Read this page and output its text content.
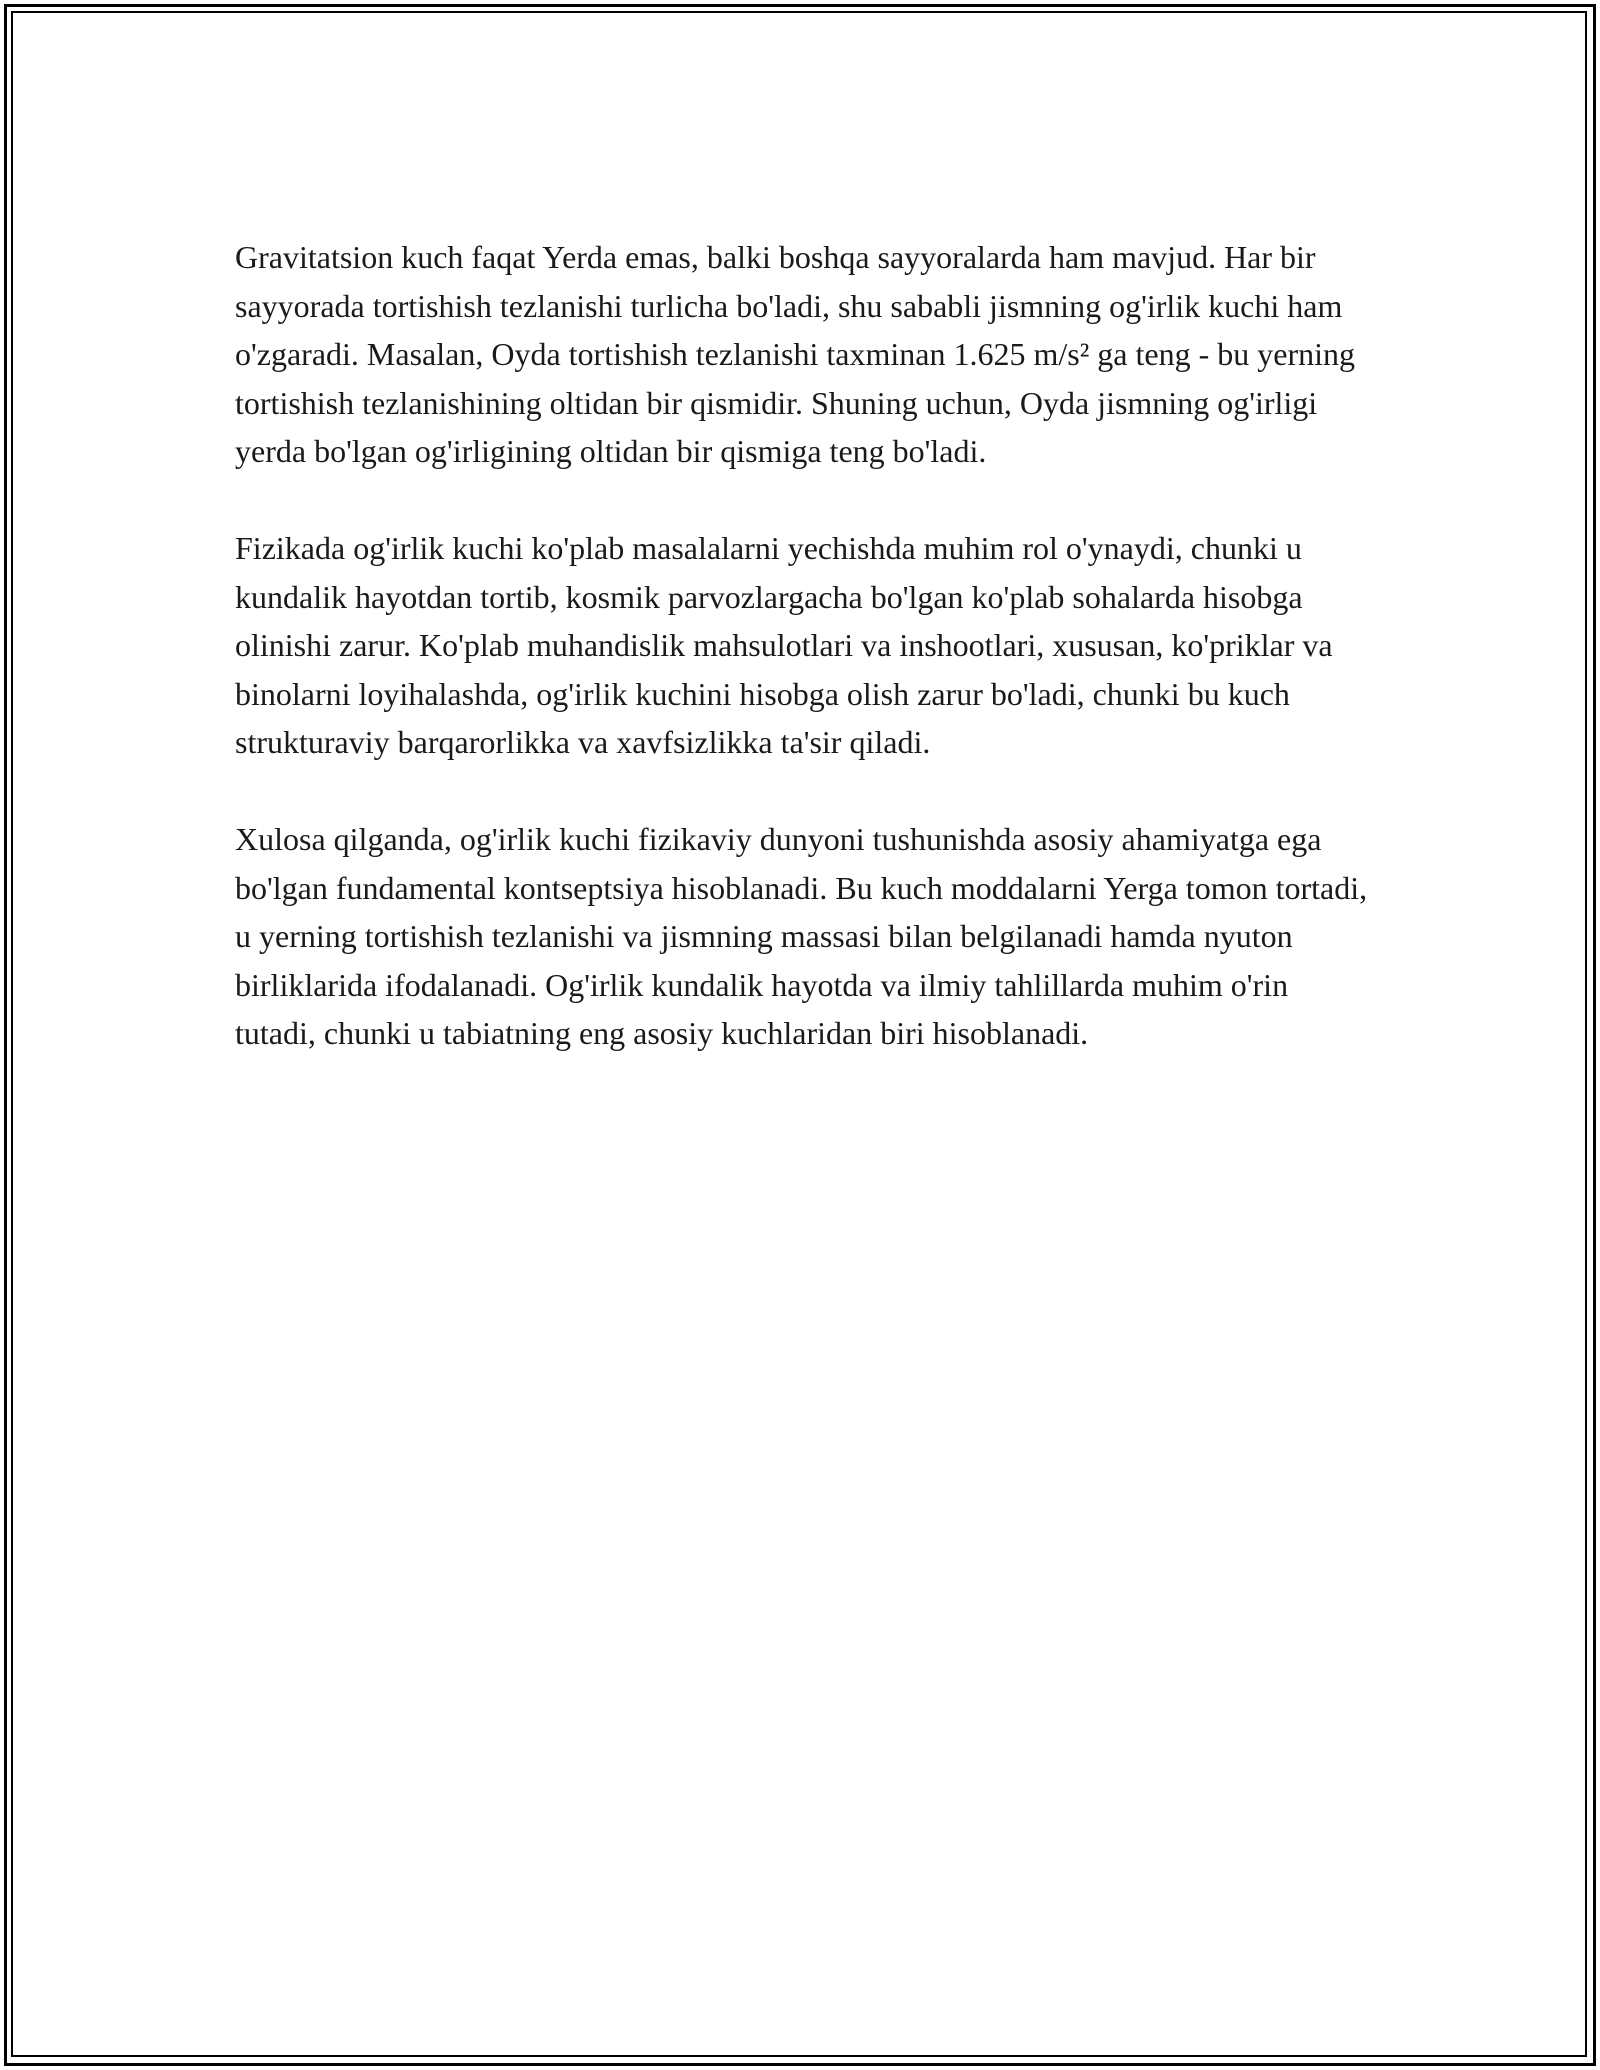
Gravitatsion kuch faqat Yerda emas, balki boshqa sayyoralarda ham mavjud. Har bir sayyorada tortishish tezlanishi turlicha bo'ladi, shu sababli jismning og'irlik kuchi ham o'zgaradi. Masalan, Oyda tortishish tezlanishi taxminan 1.625 m/s² ga teng - bu yerning tortishish tezlanishining oltidan bir qismidir. Shuning uchun, Oyda jismning og'irligi yerda bo'lgan og'irligining oltidan bir qismiga teng bo'ladi.

Fizikada og'irlik kuchi ko'plab masalalarni yechishda muhim rol o'ynaydi, chunki u kundalik hayotdan tortib, kosmik parvozlargacha bo'lgan ko'plab sohalarda hisobga olinishi zarur. Ko'plab muhandislik mahsulotlari va inshootlari, xususan, ko'priklar va binolarni loyihalashda, og'irlik kuchini hisobga olish zarur bo'ladi, chunki bu kuch strukturaviy barqarorlikka va xavfsizlikka ta'sir qiladi.

Xulosa qilganda, og'irlik kuchi fizikaviy dunyoni tushunishda asosiy ahamiyatga ega bo'lgan fundamental kontseptsiya hisoblanadi. Bu kuch moddalarni Yerga tomon tortadi, u yerning tortishish tezlanishi va jismning massasi bilan belgilanadi hamda nyuton birliklarida ifodalanadi. Og'irlik kundalik hayotda va ilmiy tahlillarda muhim o'rin tutadi, chunki u tabiatning eng asosiy kuchlaridan biri hisoblanadi.
